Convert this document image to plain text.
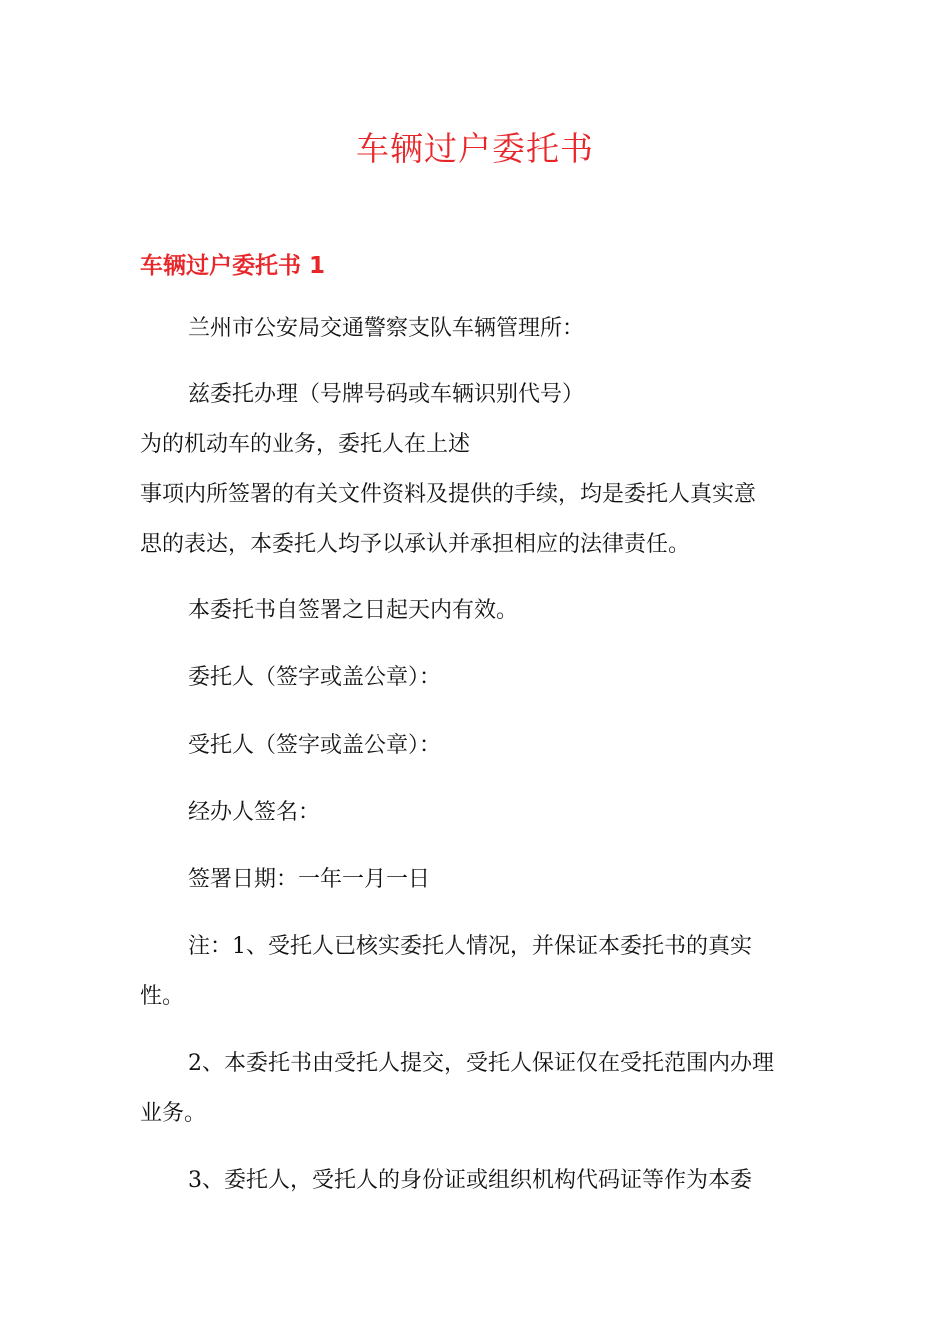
车辆过户委托书
车辆过户委托书 1

兰州市公安局交通警察支队车辆管理所：

兹委托办理（号牌号码或车辆识别代号）

为的机动车的业务，委托人在上述

事项内所签署的有关文件资料及提供的手续，均是委托人真实意

思的表达，本委托人均予以承认并承担相应的法律责任。

本委托书自签署之日起天内有效。

委托人（签字或盖公章）：

受托人（签字或盖公章）：

经办人签名：

签署日期：一年一月一日

注：1、受托人已核实委托人情况，并保证本委托书的真实

性。

2、本委托书由受托人提交，受托人保证仅在受托范围内办理

业务。

3、委托人，受托人的身份证或组织机构代码证等作为本委
